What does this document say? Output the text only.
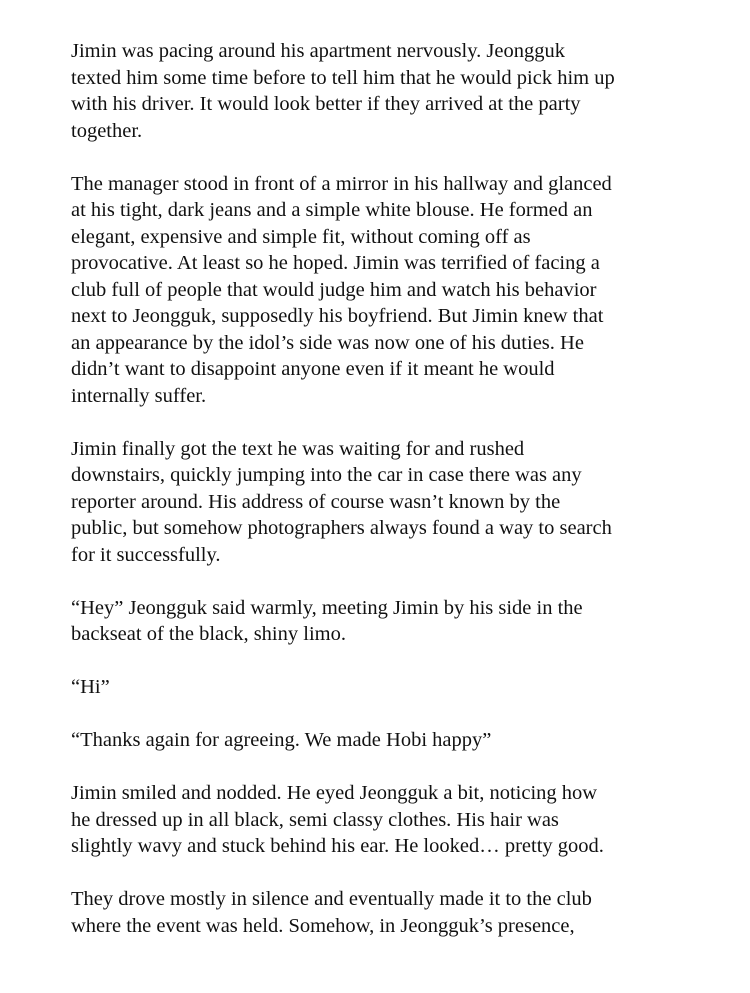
Jimin was pacing around his apartment nervously. Jeongguk
texted him some time before to tell him that he would pick him up
with his driver. It would look better if they arrived at the party
together.

The manager stood in front of a mirror in his hallway and glanced
at his tight, dark jeans and a simple white blouse. He formed an
elegant, expensive and simple fit, without coming off as
provocative. At least so he hoped. Jimin was terrified of facing a
club full of people that would judge him and watch his behavior
next to Jeongguk, supposedly his boyfriend. But Jimin knew that
an appearance by the idol’s side was now one of his duties. He
didn’t want to disappoint anyone even if it meant he would
internally suffer.

Jimin finally got the text he was waiting for and rushed
downstairs, quickly jumping into the car in case there was any
reporter around. His address of course wasn’t known by the
public, but somehow photographers always found a way to search
for it successfully.

“Hey” Jeongguk said warmly, meeting Jimin by his side in the
backseat of the black, shiny limo.

“Hi”

“Thanks again for agreeing. We made Hobi happy”

Jimin smiled and nodded. He eyed Jeongguk a bit, noticing how
he dressed up in all black, semi classy clothes. His hair was
slightly wavy and stuck behind his ear. He looked… pretty good.

They drove mostly in silence and eventually made it to the club
where the event was held. Somehow, in Jeongguk’s presence,
